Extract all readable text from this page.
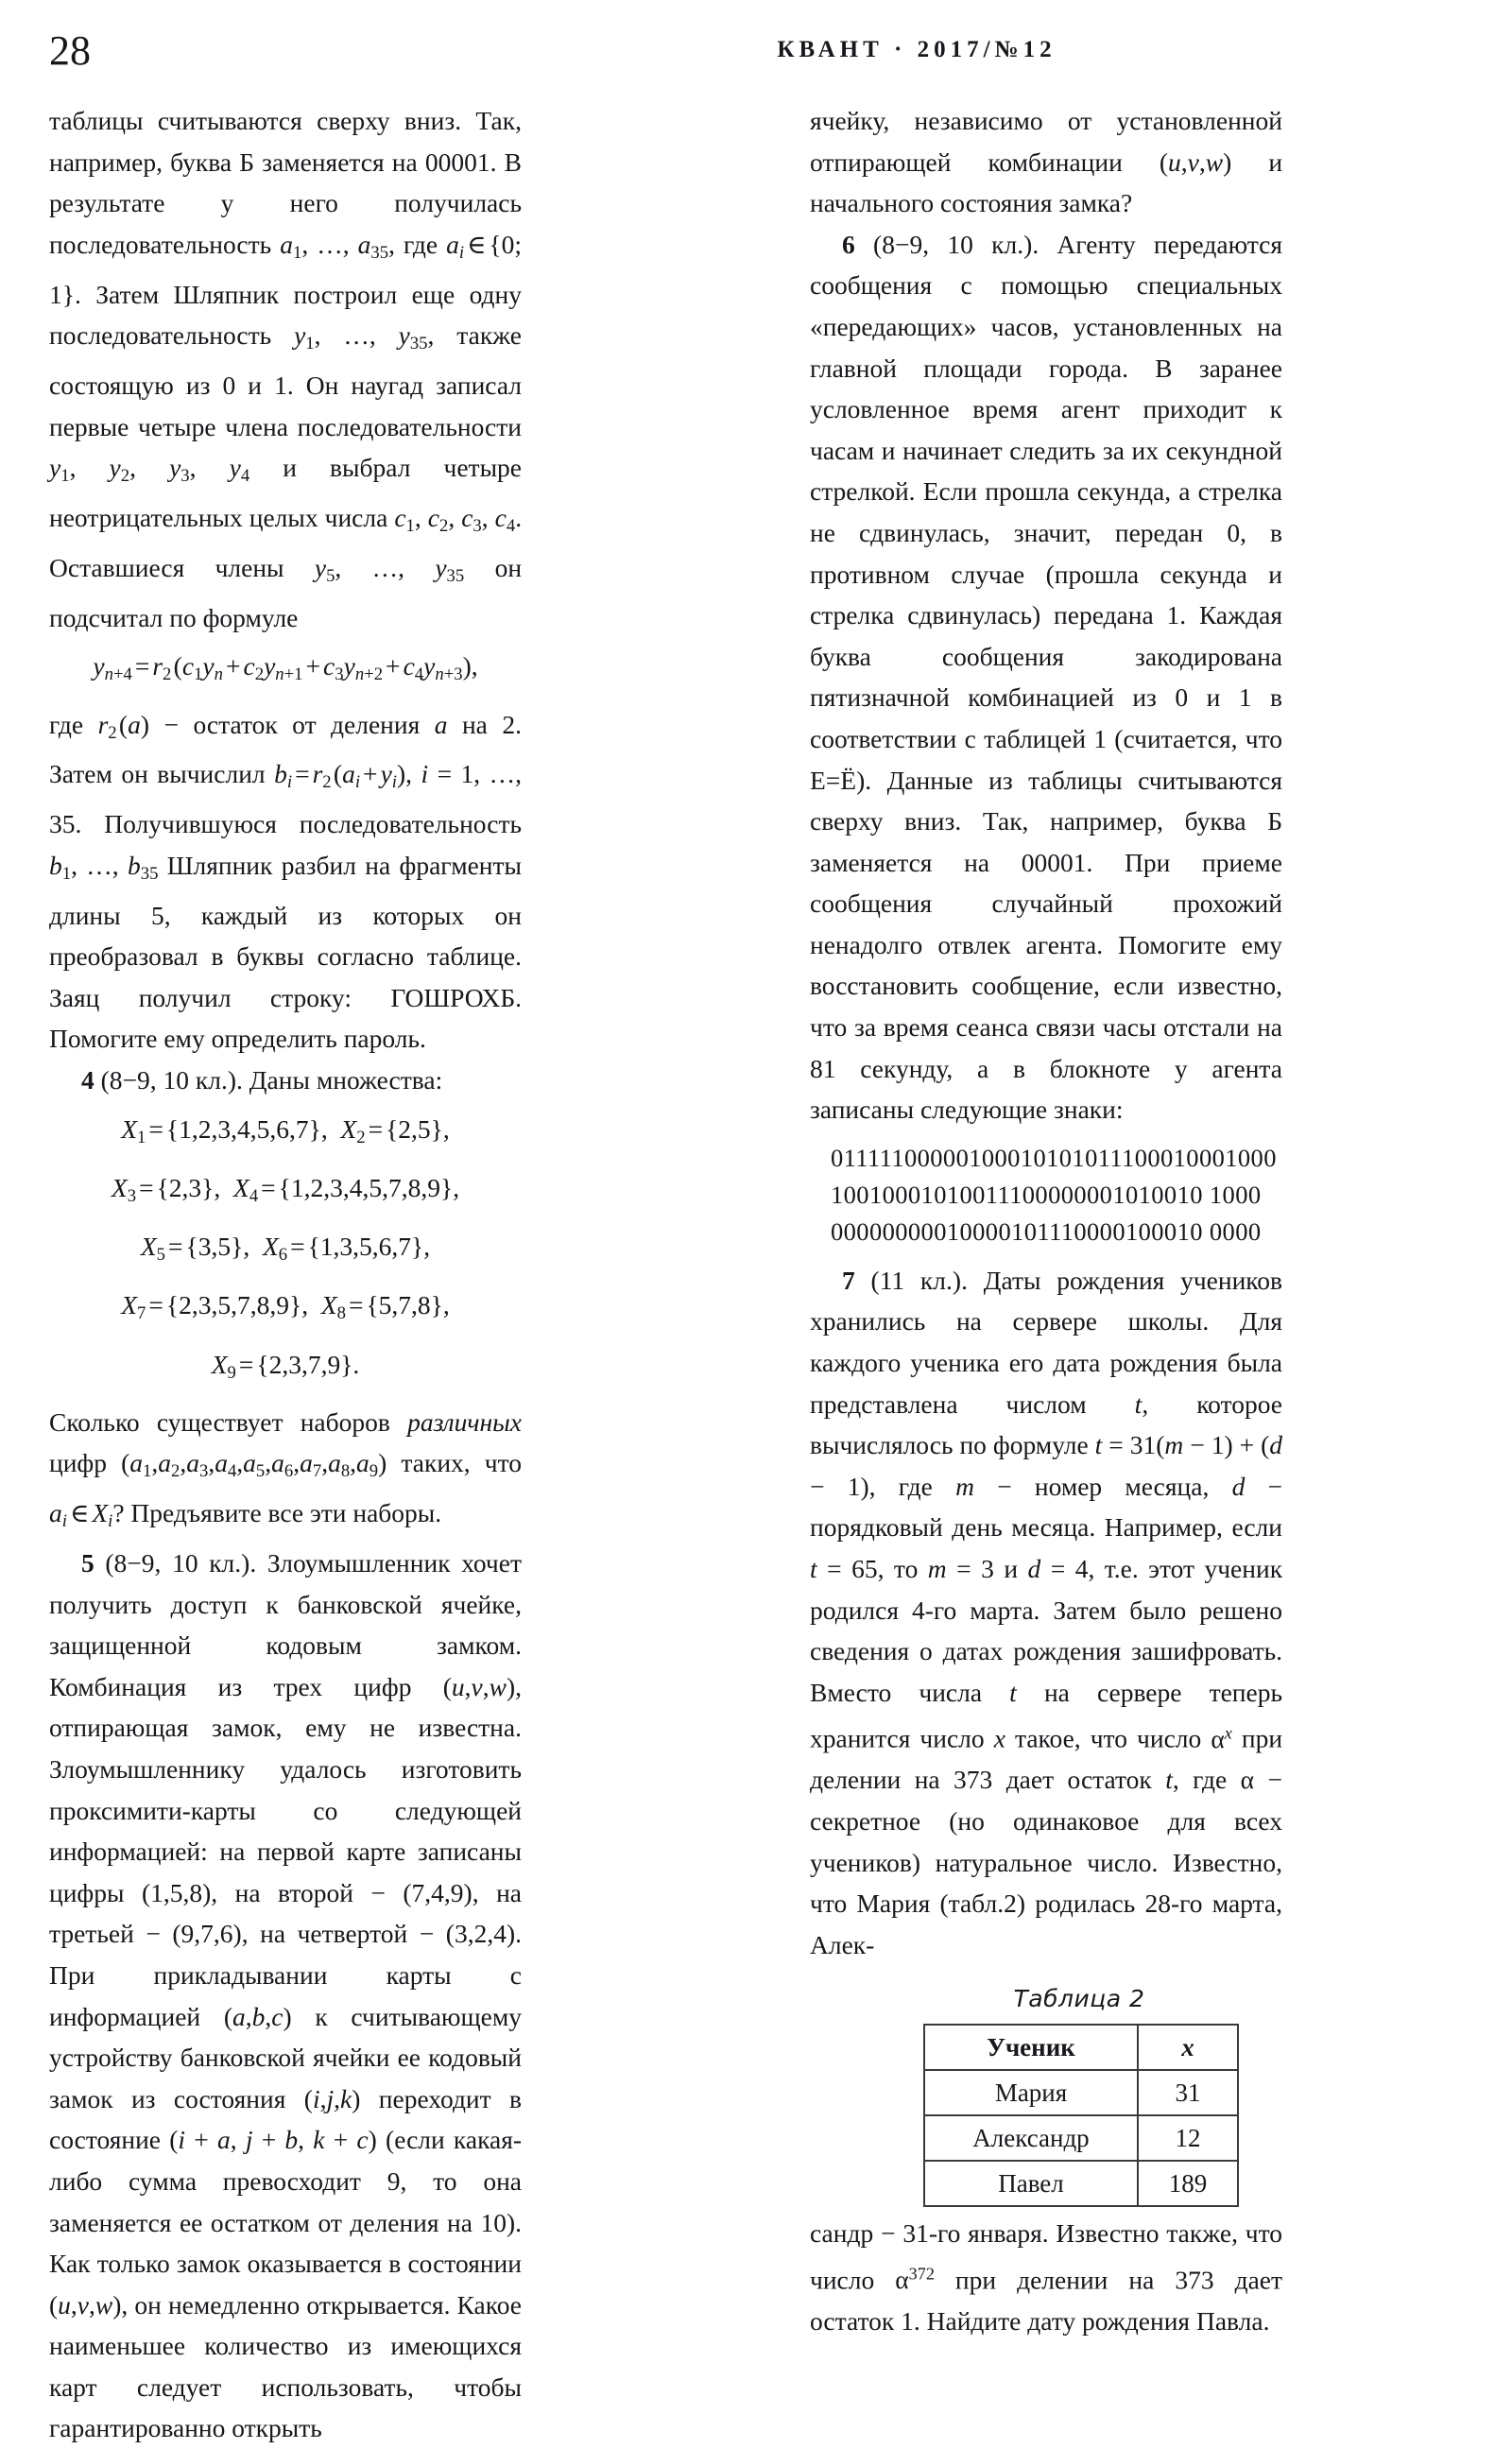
28	КВАНТ · 2017/№12

таблицы считываются сверху вниз. Так, например, буква Б заменяется на 00001. В результате у него получилась последовательность $a_1$, …, $a_{35}$, где $a_i$ ∈ {0; 1}. Затем Шляпник построил еще одну последовательность $y_1$, …, $y_{35}$, также состоящую из 0 и 1. Он наугад записал первые четыре члена последовательности $y_1$, $y_2$, $y_3$, $y_4$ и выбрал четыре неотрицательных целых числа $c_1$, $c_2$, $c_3$, $c_4$. Оставшиеся члены $y_5$, …, $y_{35}$ он подсчитал по формуле

$y_{n+4} = r_2$ $(c_1y_n + c_2y_{n+1} + c_3y_{n+2} + c_4y_{n+3})$,

где $r_2$ (a) − остаток от деления a на 2. Затем он вычислил $b_i = r_2$ $(a_i + y_i)$, i = 1, …, 35. Получившуюся последовательность $b_1$, …, $b_{35}$ Шляпник разбил на фрагменты длины 5, каждый из которых он преобразовал в буквы согласно таблице. Заяц получил строку: ГОШРОХБ. Помогите ему определить пароль.

4 (8−9, 10 кл.). Даны множества:

$X_1 = \{1,2,3,4,5,6,7\}$,  $X_2 = \{2,5\}$,
$X_3 = \{2,3\}$,  $X_4 = \{1,2,3,4,5,7,8,9\}$,
$X_5 = \{3,5\}$,  $X_6 = \{1,3,5,6,7\}$,
$X_7 = \{2,3,5,7,8,9\}$,  $X_8 = \{5,7,8\}$,
$X_9 = \{2,3,7,9\}$.

Сколько существует наборов различных цифр $(a_1,a_2,a_3,a_4,a_5,a_6,a_7,a_8,a_9)$ таких, что $a_i$ ∈ $X_i$? Предъявите все эти наборы.

5 (8−9, 10 кл.). Злоумышленник хочет получить доступ к банковской ячейке, защищенной кодовым замком. Комбинация из трех цифр (u,v,w), отпирающая замок, ему не известна. Злоумышленнику удалось изготовить проксимити-карты со следующей информацией: на первой карте записаны цифры (1,5,8), на второй − (7,4,9), на третьей − (9,7,6), на четвертой − (3,2,4). При прикладывании карты с информацией (a,b,c) к считывающему устройству банковской ячейки ее кодовый замок из состояния (i,j,k) переходит в состояние (i + a, j + b, k + c) (если какая-либо сумма превосходит 9, то она заменяется ее остатком от деления на 10). Как только замок оказывается в состоянии (u,v,w), он немедленно открывается. Какое наименьшее количество из имеющихся карт следует использовать, чтобы гарантированно открыть

ячейку, независимо от установленной отпирающей комбинации (u,v,w) и начального состояния замка?

6 (8−9, 10 кл.). Агенту передаются сообщения с помощью специальных «передающих» часов, установленных на главной площади города. В заранее условленное время агент приходит к часам и начинает следить за их секундной стрелкой. Если прошла секунда, а стрелка не сдвинулась, значит, передан 0, в противном случае (прошла секунда и стрелка сдвинулась) передана 1. Каждая буква сообщения закодирована пятизначной комбинацией из 0 и 1 в соответствии с таблицей 1 (считается, что Е=Ё). Данные из таблицы считываются сверху вниз. Так, например, буква Б заменяется на 00001. При приеме сообщения случайный прохожий ненадолго отвлек агента. Помогите ему восстановить сообщение, если известно, что за время сеанса связи часы отстали на 81 секунду, а в блокноте у агента записаны следующие знаки:

01111100000100010101011100010001000
10010001010011100000001010010 1000
00000000010000101110000100010 0000

7 (11 кл.). Даты рождения учеников хранились на сервере школы. Для каждого ученика его дата рождения была представлена числом t, которое вычислялось по формуле t = 31(m − 1) + (d − 1), где m − номер месяца, d − порядковый день месяца. Например, если t = 65, то m = 3 и d = 4, т.е. этот ученик родился 4-го марта. Затем было решено сведения о датах рождения зашифровать. Вместо числа t на сервере теперь хранится число x такое, что число $\alpha^x$ при делении на 373 дает остаток t, где α − секретное (но одинаковое для всех учеников) натуральное число. Известно, что Мария (табл.2) родилась 28-го марта, Алек-

Таблица 2
Ученик	x
Мария	31
Александр	12
Павел	189

сандр − 31-го января. Известно также, что число $\alpha^{372}$ при делении на 373 дает остаток 1. Найдите дату рождения Павла.
